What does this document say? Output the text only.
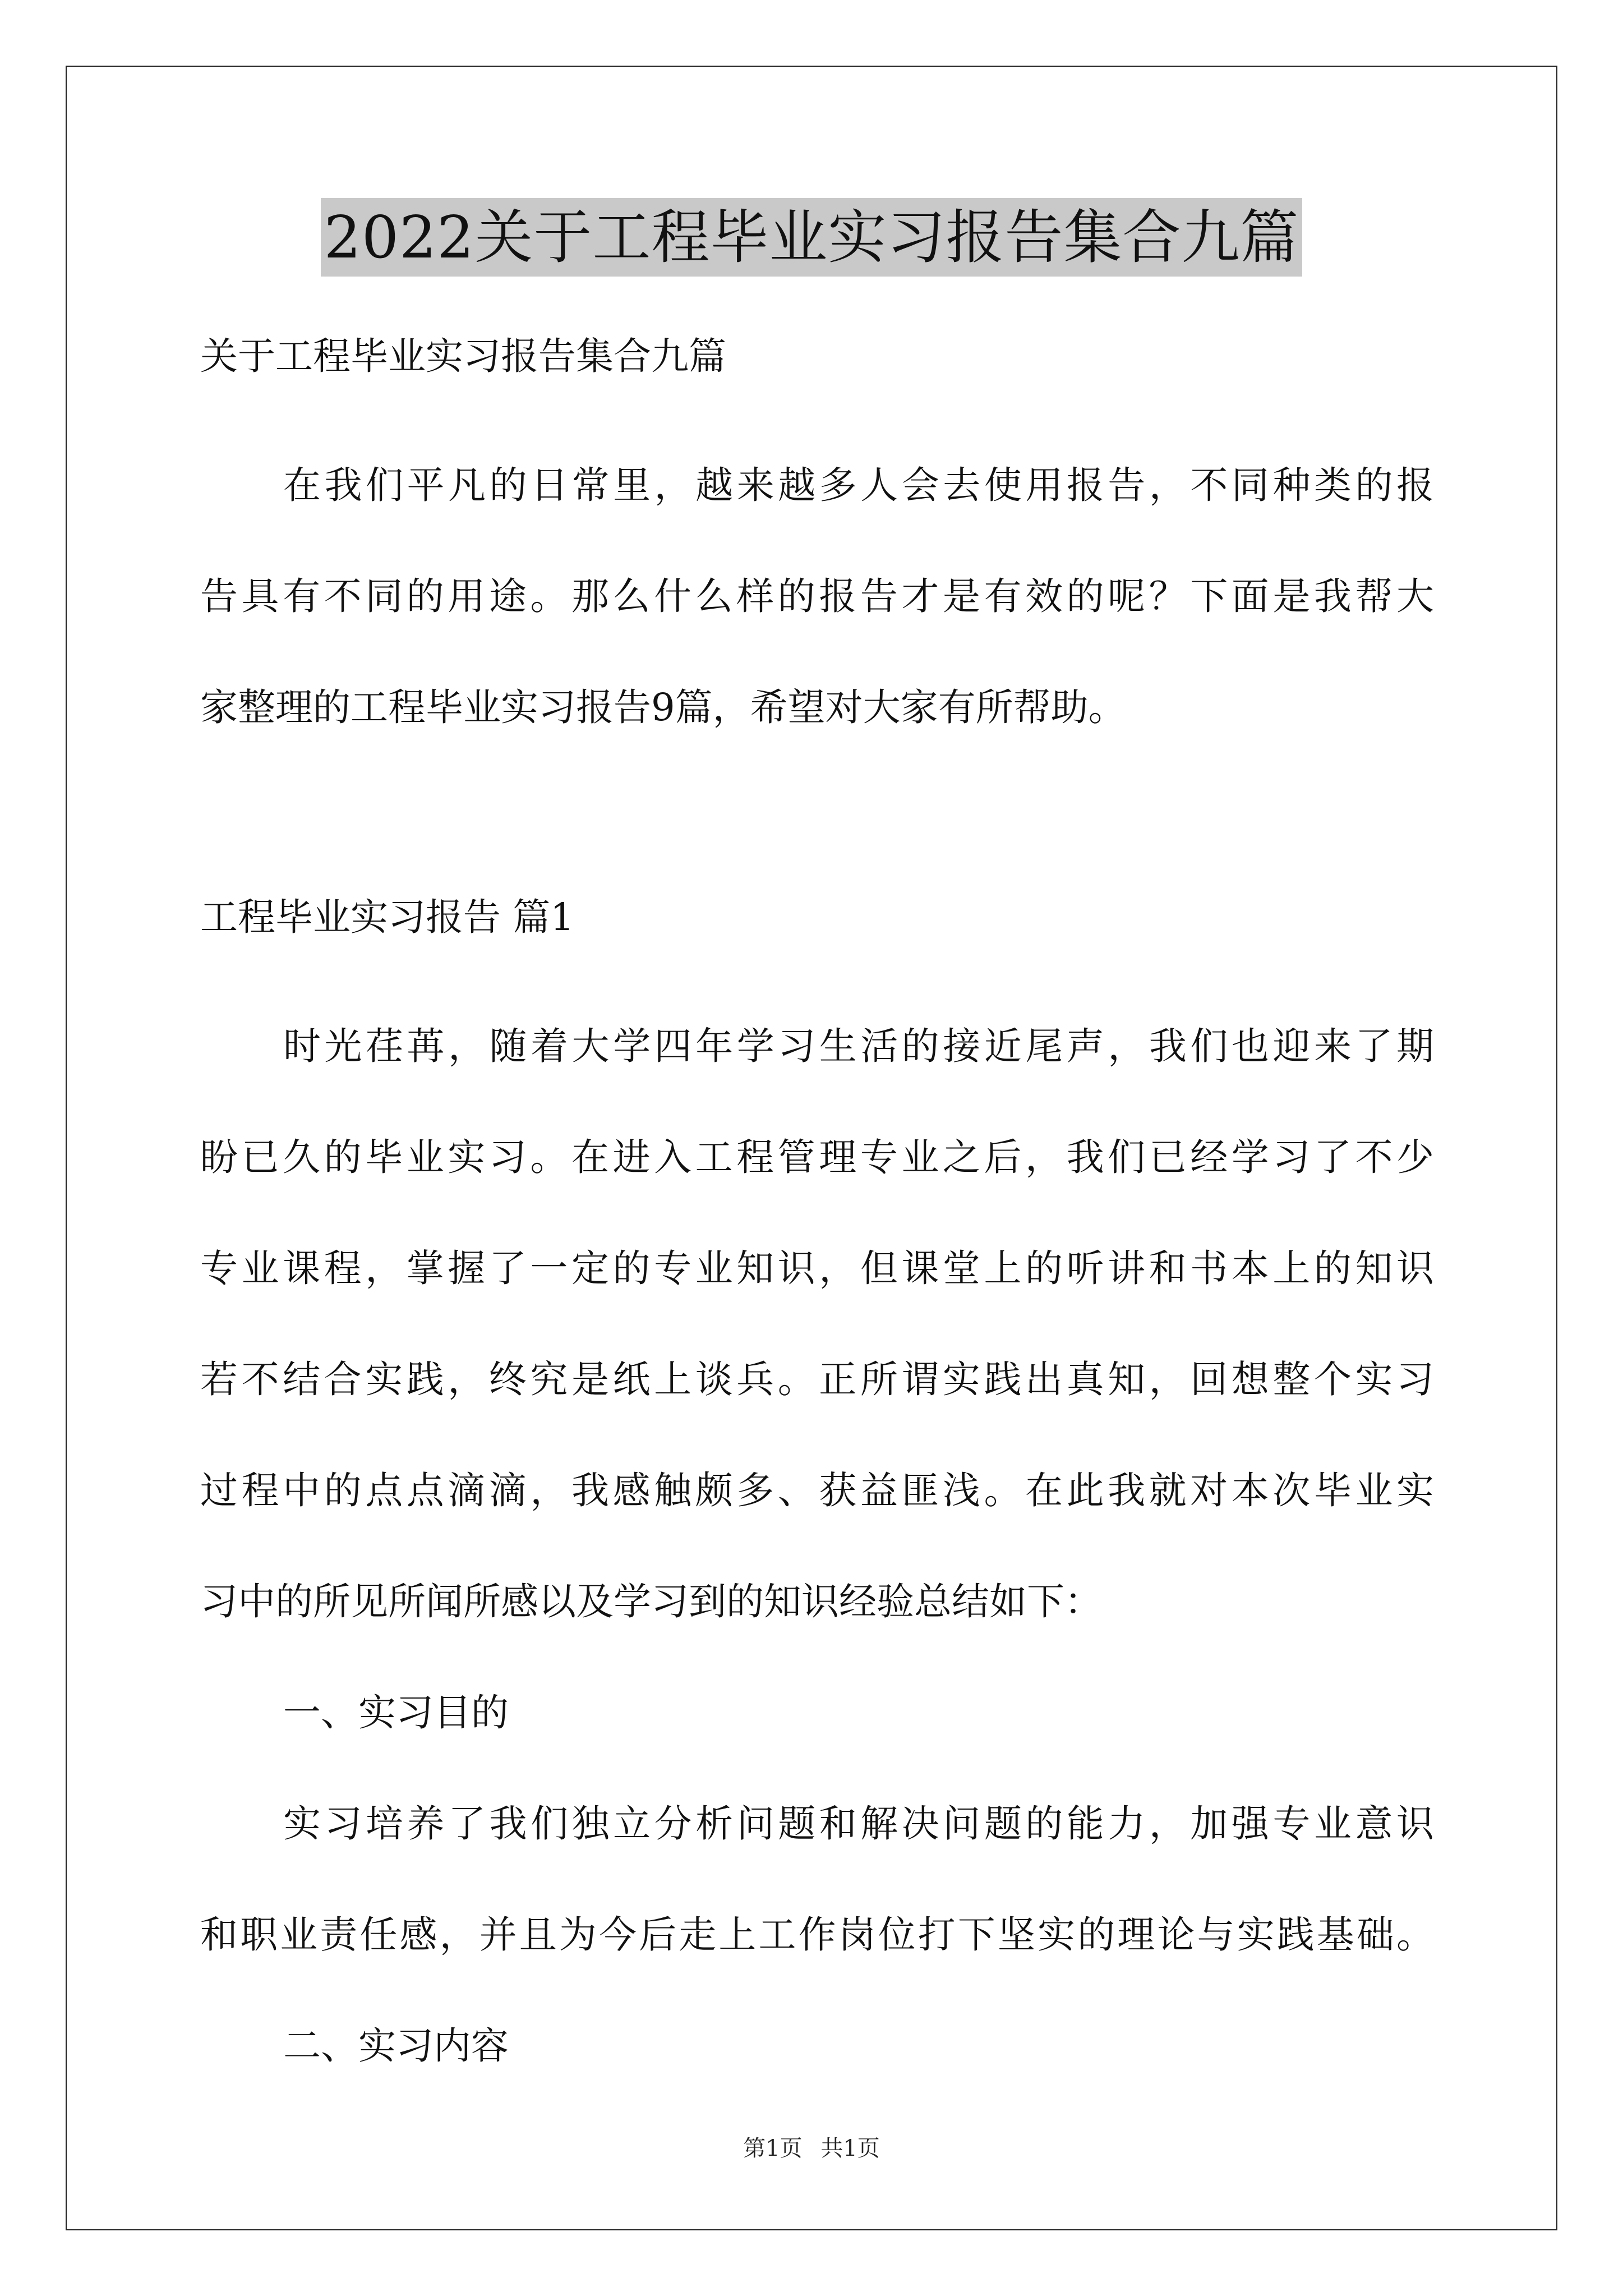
2022关于工程毕业实习报告集合九篇
关于工程毕业实习报告集合九篇
在我们平凡的日常里，越来越多人会去使用报告，不同种类的报
告具有不同的用途。那么什么样的报告才是有效的呢？下面是我帮大
家整理的工程毕业实习报告9篇，希望对大家有所帮助。
工程毕业实习报告 篇1
时光荏苒，随着大学四年学习生活的接近尾声，我们也迎来了期
盼已久的毕业实习。在进入工程管理专业之后，我们已经学习了不少
专业课程，掌握了一定的专业知识，但课堂上的听讲和书本上的知识
若不结合实践，终究是纸上谈兵。正所谓实践出真知，回想整个实习
过程中的点点滴滴，我感触颇多、获益匪浅。在此我就对本次毕业实
习中的所见所闻所感以及学习到的知识经验总结如下：
一、实习目的
实习培养了我们独立分析问题和解决问题的能力，加强专业意识
和职业责任感，并且为今后走上工作岗位打下坚实的理论与实践基础。
二、实习内容
第1页 共1页
